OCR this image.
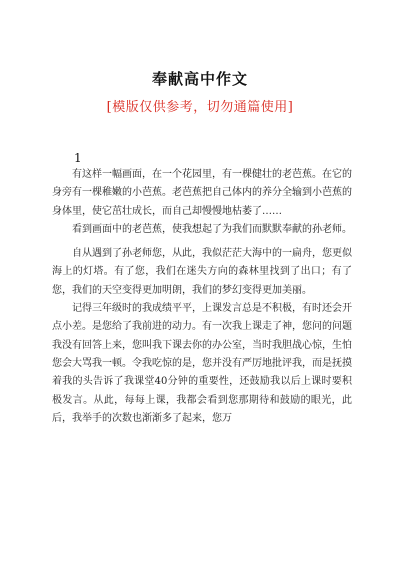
奉献高中作文
[模版仅供参考，切勿通篇使用]
1

有这样一幅画面，在一个花园里，有一棵健壮的老芭蕉。在它的身旁有一棵稚嫩的小芭蕉。老芭蕉把自己体内的养分全输到小芭蕉的身体里，使它茁壮成长，而自己却慢慢地枯萎了……

看到画面中的老芭蕉，使我想起了为我们而默默奉献的孙老师。

自从遇到了孙老师您，从此，我似茫茫大海中的一扁舟，您更似海上的灯塔。有了您，我们在迷失方向的森林里找到了出口；有了您，我们的天空变得更加明朗，我们的梦幻变得更加美丽。

记得三年级时的我成绩平平，上课发言总是不积极，有时还会开点小差。是您给了我前进的动力。有一次我上课走了神，您问的问题我没有回答上来，您叫我下课去你的办公室，当时我胆战心惊，生怕您会大骂我一顿。令我吃惊的是，您并没有严厉地批评我，而是抚摸着我的头告诉了我课堂40分钟的重要性，还鼓励我以后上课时要积极发言。从此，每每上课，我都会看到您那期待和鼓励的眼光，此后，我举手的次数也渐渐多了起来，您万
